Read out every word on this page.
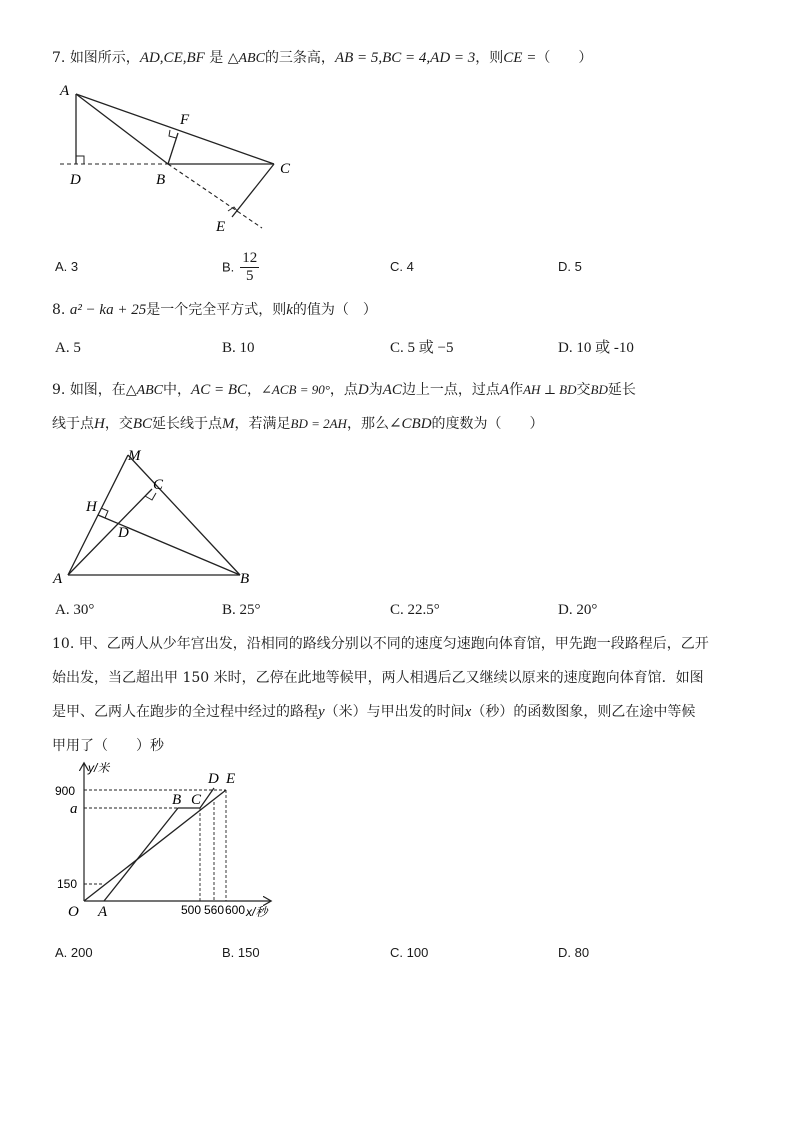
7. 如图所示，AD,CE,BF 是 △ABC的三条高，AB = 5,BC = 4,AD = 3，则CE =（　　）
A
F
C
D	B
E
A. 3	B. $\frac{12}{5}$	C. 4	D. 5
8. a² − ka + 25是一个完全平方式，则k的值为（　）
A. 5	B. 10	C. 5 或 −5	D. 10 或 -10
9. 如图，在△ABC中，AC = BC，∠ACB = 90°，点D为AC边上一点，过点A作AH ⊥ BD交BD延长
线于点H，交BC延长线于点M，若满足BD = 2AH，那么∠CBD的度数为（　　）
M
C
H
D
A	B
A. 30°	B. 25°	C. 22.5°	D. 20°
10. 甲、乙两人从少年宫出发，沿相同的路线分别以不同的速度匀速跑向体育馆，甲先跑一段路程后，乙开
始出发，当乙超出甲 150 米时，乙停在此地等候甲，两人相遇后乙又继续以原来的速度跑向体育馆．如图
是甲、乙两人在跑步的全过程中经过的路程y（米）与甲出发的时间x（秒）的函数图象，则乙在途中等候
甲用了（　　）秒
y/米
x/秒
O
900
a
150
500 560 600
A
B C
D E
A. 200	B. 150	C. 100	D. 80
